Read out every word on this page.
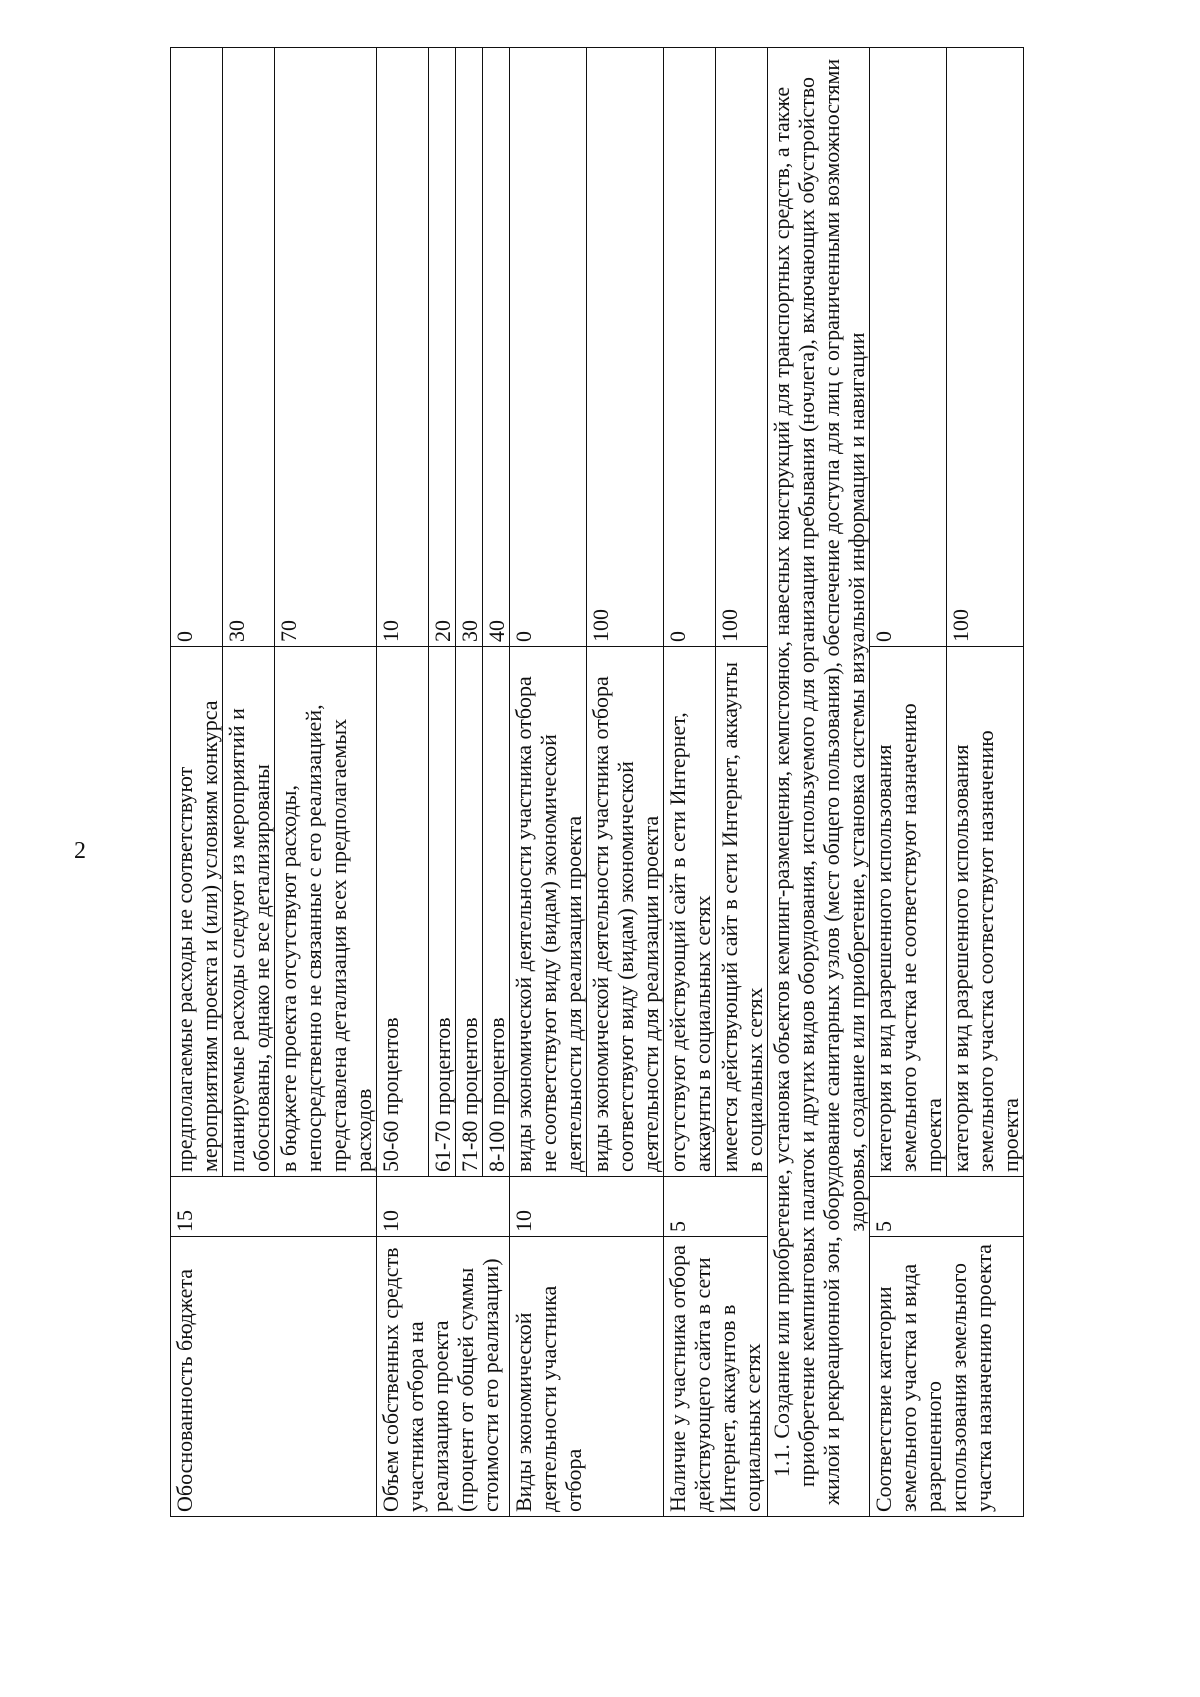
2
Обоснованность бюджета	15	предполагаемые расходы не соответствуют мероприятиям проекта и (или) условиям конкурса	0
		планируемые расходы следуют из мероприятий и обоснованы, однако не все детализированы	30
		в бюджете проекта отсутствуют расходы, непосредственно не связанные с его реализацией, представлена детализация всех предполагаемых расходов	70
Объем собственных средств участника отбора на реализацию проекта (процент от общей суммы стоимости его реализации)	10	50-60 процентов	10
		61-70 процентов	20
		71-80 процентов	30
		8-100 процентов	40
Виды экономической деятельности участника отбора	10	виды экономической деятельности участника отбора не соответствуют виду (видам) экономической деятельности для реализации проекта	0
		виды экономической деятельности участника отбора соответствуют виду (видам) экономической деятельности для реализации проекта	100
Наличие у участника отбора действующего сайта в сети Интернет, аккаунтов в социальных сетях	5	отсутствуют действующий сайт в сети Интернет, аккаунты в социальных сетях	0
		имеется действующий сайт в сети Интернет, аккаунты в социальных сетях	100
1.1. Создание или приобретение, установка объектов кемпинг-размещения, кемпстоянок, навесных конструкций для транспортных средств, а также приобретение кемпинговых палаток и других видов оборудования, используемого для организации пребывания (ночлега), включающих обустройство жилой и рекреационной зон, оборудование санитарных узлов (мест общего пользования), обеспечение доступа для лиц с ограниченными возможностями здоровья, создание или приобретение, установка системы визуальной информации и навигации			
Соответствие категории земельного участка и вида разрешенного использования земельного участка назначению проекта	5	категория и вид разрешенного использования земельного участка не соответствуют назначению проекта	0
		категория и вид разрешенного использования земельного участка соответствуют назначению проекта	100
